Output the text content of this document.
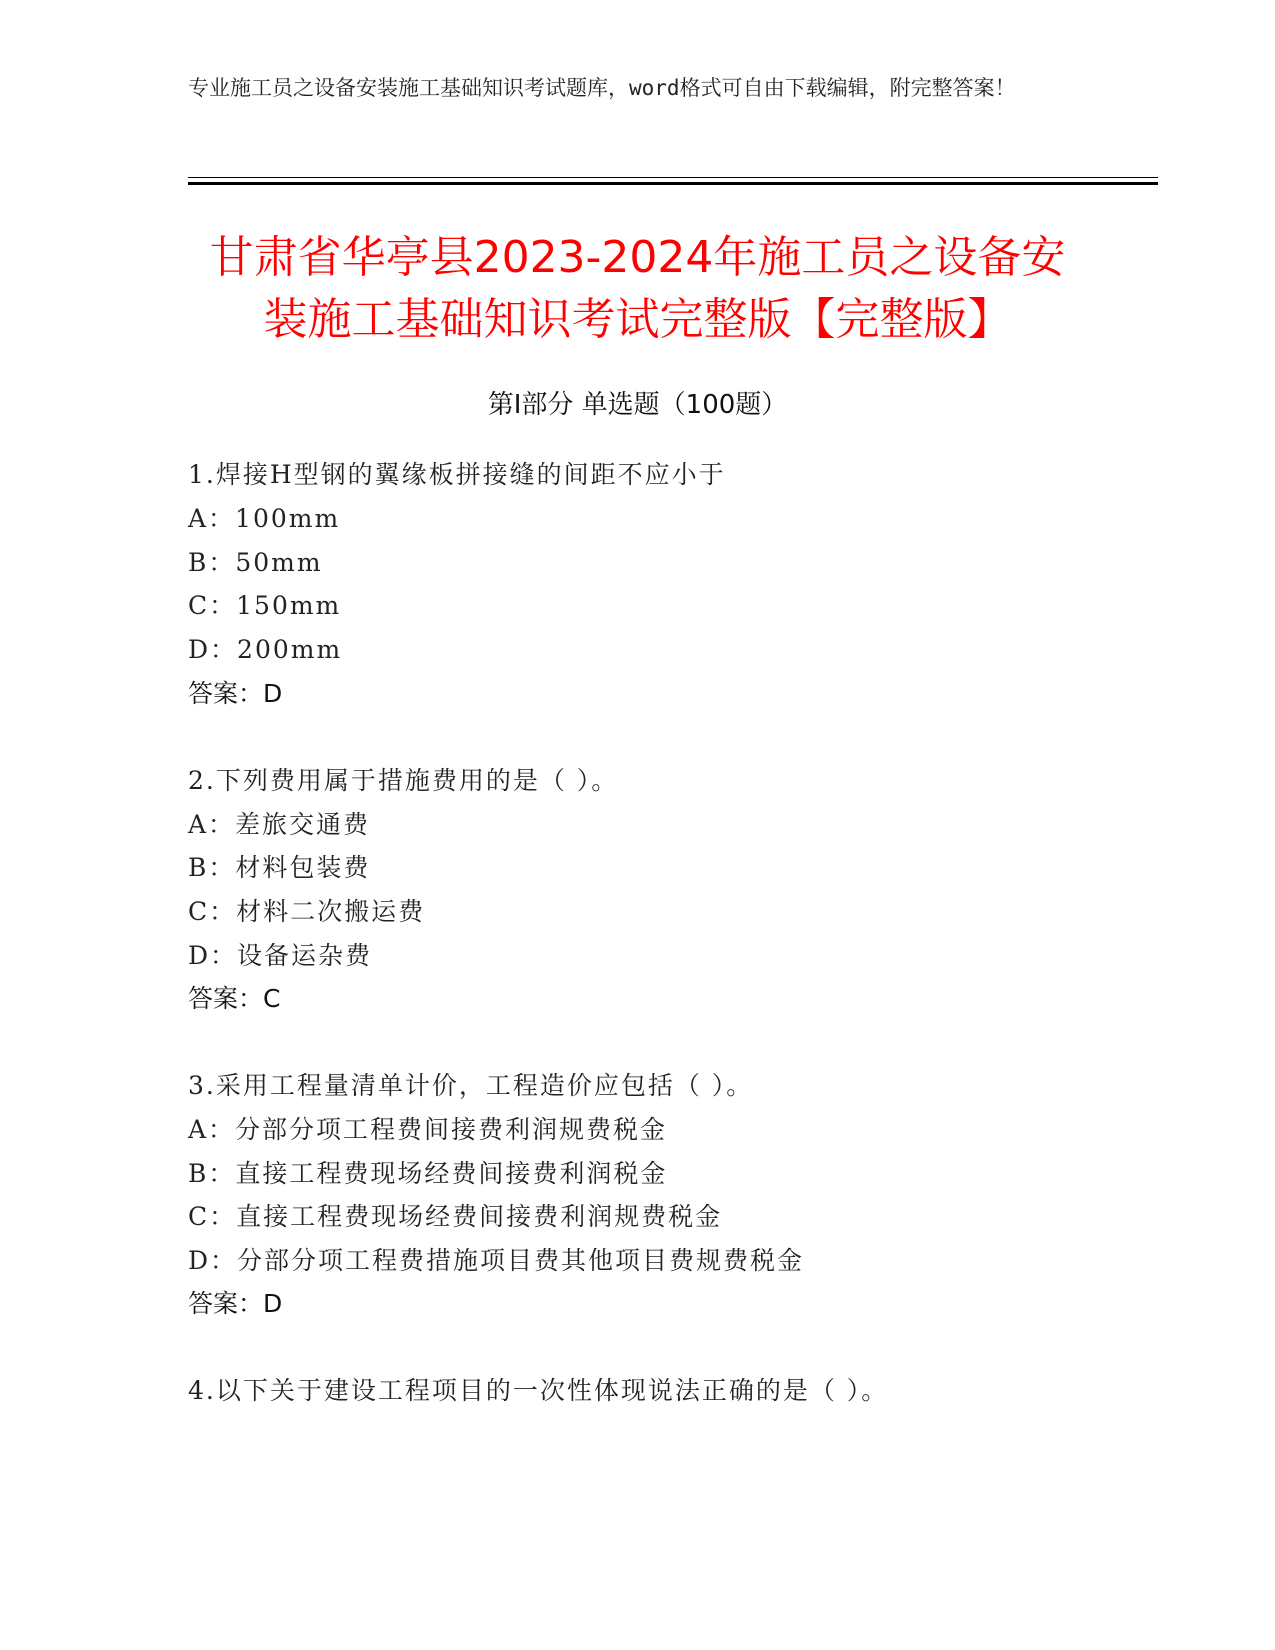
专业施工员之设备安装施工基础知识考试题库，word格式可自由下载编辑，附完整答案！
甘肃省华亭县2023-2024年施工员之设备安
装施工基础知识考试完整版【完整版】
第Ⅰ部分 单选题（100题）
1.焊接H型钢的翼缘板拼接缝的间距不应小于
A：100mm
B：50mm
C：150mm
D：200mm
答案：D
2.下列费用属于措施费用的是（ ）。
A：差旅交通费
B：材料包装费
C：材料二次搬运费
D：设备运杂费
答案：C
3.采用工程量清单计价，工程造价应包括（ ）。
A：分部分项工程费间接费利润规费税金
B：直接工程费现场经费间接费利润税金
C：直接工程费现场经费间接费利润规费税金
D：分部分项工程费措施项目费其他项目费规费税金
答案：D
4.以下关于建设工程项目的一次性体现说法正确的是（ ）。
